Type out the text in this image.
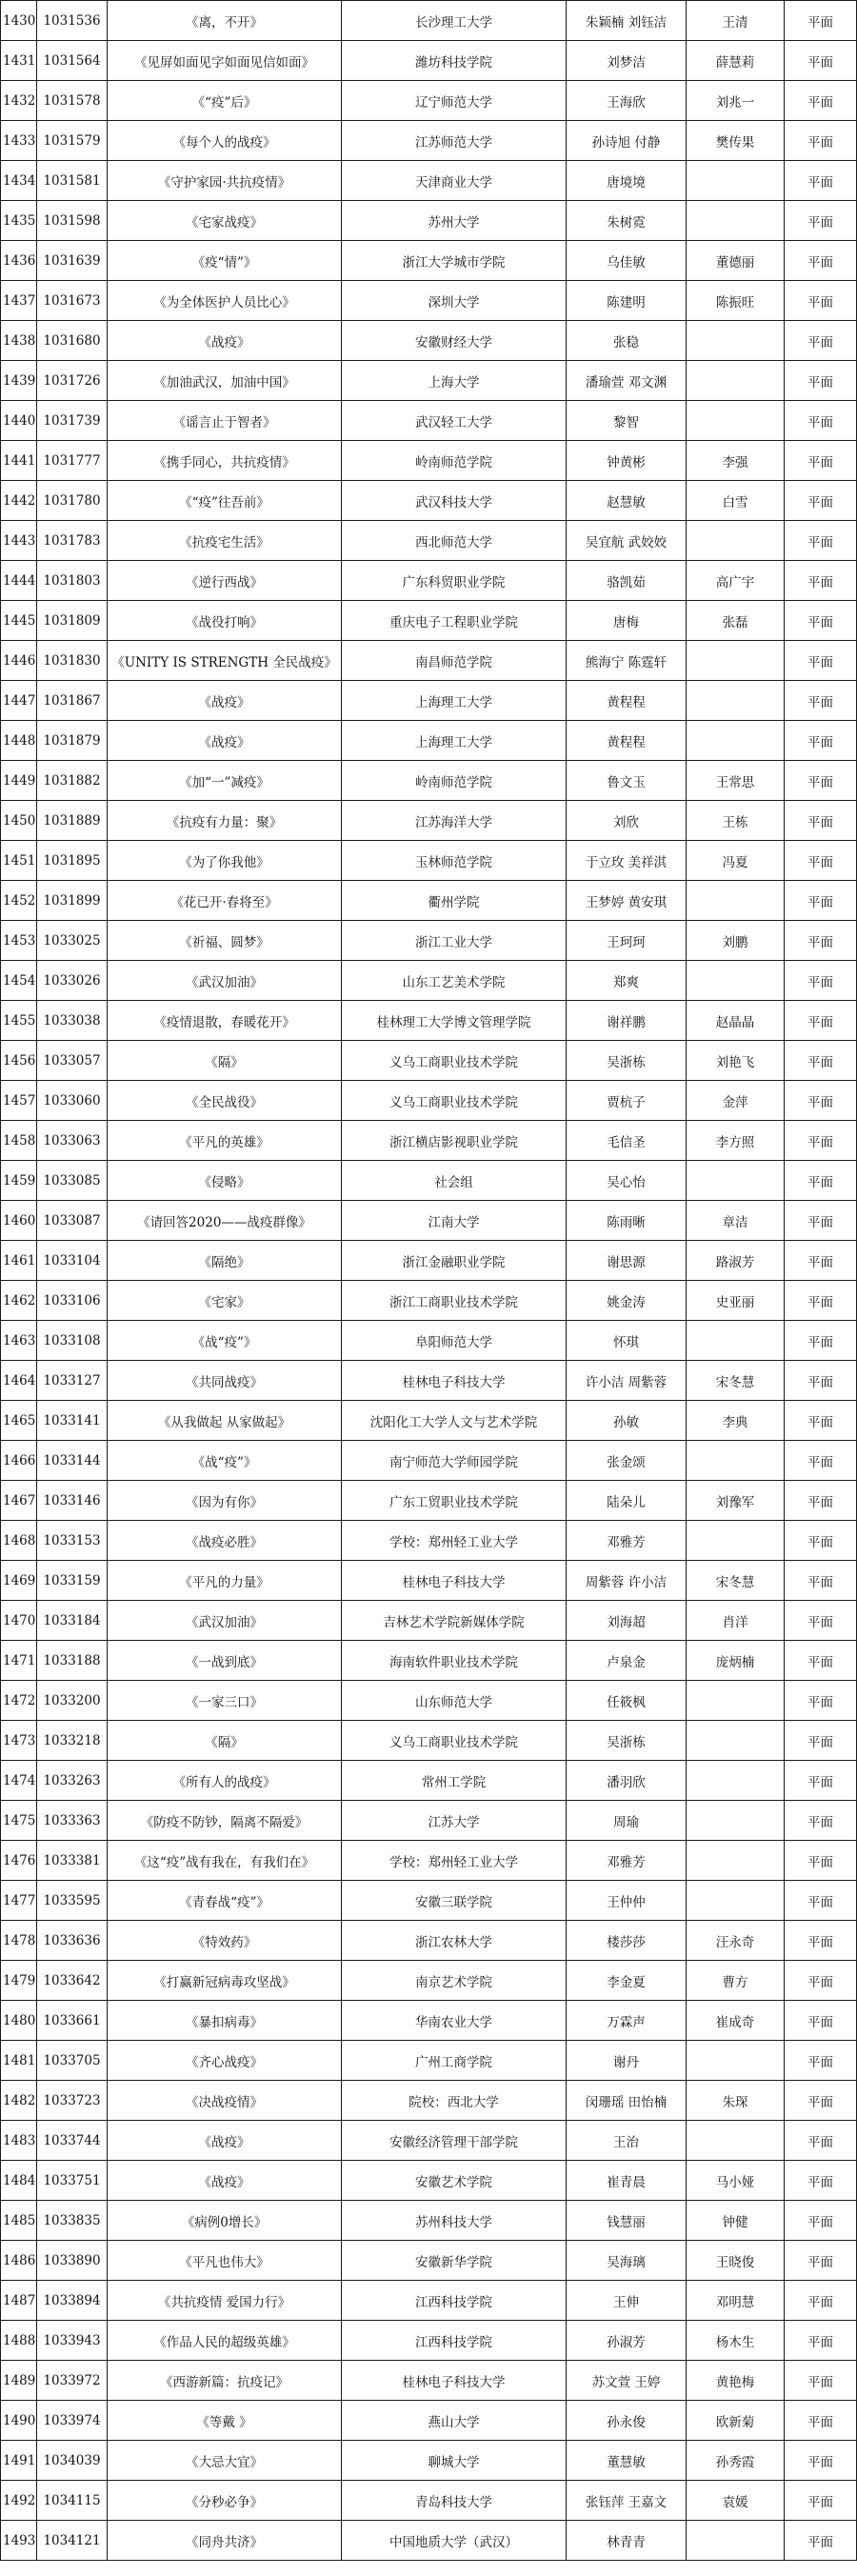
1430	1031536	《离，不开》	长沙理工大学	朱颖楠 刘钰洁	王清	平面
1431	1031564	《见屏如面见字如面见信如面》	潍坊科技学院	刘梦洁	薛慧莉	平面
1432	1031578	《“疫”后》	辽宁师范大学	王海欣	刘兆一	平面
1433	1031579	《每个人的战疫》	江苏师范大学	孙诗旭 付静	樊传果	平面
1434	1031581	《守护家园·共抗疫情》	天津商业大学	唐境境		平面
1435	1031598	《宅家战疫》	苏州大学	朱树霓		平面
1436	1031639	《疫“情”》	浙江大学城市学院	乌佳敏	董德丽	平面
1437	1031673	《为全体医护人员比心》	深圳大学	陈建明	陈振旺	平面
1438	1031680	《战疫》	安徽财经大学	张稳		平面
1439	1031726	《加油武汉，加油中国》	上海大学	潘瑜萱 邓文渊		平面
1440	1031739	《谣言止于智者》	武汉轻工大学	黎智		平面
1441	1031777	《携手同心，共抗疫情》	岭南师范学院	钟黄彬	李强	平面
1442	1031780	《“疫”往吾前》	武汉科技大学	赵慧敏	白雪	平面
1443	1031783	《抗疫宅生活》	西北师范大学	吴宜航 武姣姣		平面
1444	1031803	《逆行西战》	广东科贸职业学院	骆凯茹	高广宇	平面
1445	1031809	《战役打响》	重庆电子工程职业学院	唐梅	张磊	平面
1446	1031830	《UNITY IS STRENGTH 全民战疫》	南昌师范学院	熊海宁 陈霆轩		平面
1447	1031867	《战疫》	上海理工大学	黄程程		平面
1448	1031879	《战疫》	上海理工大学	黄程程		平面
1449	1031882	《加“一”减疫》	岭南师范学院	鲁文玉	王常思	平面
1450	1031889	《抗疫有力量：聚》	江苏海洋大学	刘欣	王栋	平面
1451	1031895	《为了你我他》	玉林师范学院	于立玫 美祥淇	冯夏	平面
1452	1031899	《花已开·春将至》	衢州学院	王梦婷 黄安琪		平面
1453	1033025	《祈福、圆梦》	浙江工业大学	王珂珂	刘鹏	平面
1454	1033026	《武汉加油》	山东工艺美术学院	郑爽		平面
1455	1033038	《疫情退散，春暖花开》	桂林理工大学博文管理学院	谢祥鹏	赵晶晶	平面
1456	1033057	《隔》	义乌工商职业技术学院	吴浙栋	刘艳飞	平面
1457	1033060	《全民战役》	义乌工商职业技术学院	贾杭子	金萍	平面
1458	1033063	《平凡的英雄》	浙江横店影视职业学院	毛信圣	李方照	平面
1459	1033085	《侵略》	社会组	吴心怡		平面
1460	1033087	《请回答2020——战疫群像》	江南大学	陈雨晰	章洁	平面
1461	1033104	《隔绝》	浙江金融职业学院	谢思源	路淑芳	平面
1462	1033106	《宅家》	浙江工商职业技术学院	姚金涛	史亚丽	平面
1463	1033108	《战“疫”》	阜阳师范大学	怀琪		平面
1464	1033127	《共同战疫》	桂林电子科技大学	许小洁 周紫蓉	宋冬慧	平面
1465	1033141	《从我做起 从家做起》	沈阳化工大学人文与艺术学院	孙敏	李典	平面
1466	1033144	《战“疫”》	南宁师范大学师园学院	张金颂		平面
1467	1033146	《因为有你》	广东工贸职业技术学院	陆朵儿	刘豫军	平面
1468	1033153	《战疫必胜》	学校：郑州轻工业大学	邓雅芳		平面
1469	1033159	《平凡的力量》	桂林电子科技大学	周紫蓉 许小洁	宋冬慧	平面
1470	1033184	《武汉加油》	吉林艺术学院新媒体学院	刘海超	肖洋	平面
1471	1033188	《一战到底》	海南软件职业技术学院	卢泉金	庞炳楠	平面
1472	1033200	《一家三口》	山东师范大学	任筱枫		平面
1473	1033218	《隔》	义乌工商职业技术学院	吴浙栋		平面
1474	1033263	《所有人的战疫》	常州工学院	潘羽欣		平面
1475	1033363	《防疫不防钞，隔离不隔爱》	江苏大学	周瑜		平面
1476	1033381	《这“疫”战有我在，有我们在》	学校：郑州轻工业大学	邓雅芳		平面
1477	1033595	《青春战“疫”》	安徽三联学院	王仲仲		平面
1478	1033636	《特效药》	浙江农林大学	楼莎莎	汪永奇	平面
1479	1033642	《打赢新冠病毒攻坚战》	南京艺术学院	李金夏	曹方	平面
1480	1033661	《暴扣病毒》	华南农业大学	万霖声	崔成奇	平面
1481	1033705	《齐心战疫》	广州工商学院	谢丹		平面
1482	1033723	《决战疫情》	院校：西北大学	闵珊瑶 田怡楠	朱琛	平面
1483	1033744	《战疫》	安徽经济管理干部学院	王治		平面
1484	1033751	《战疫》	安徽艺术学院	崔青晨	马小娅	平面
1485	1033835	《病例0增长》	苏州科技大学	钱慧丽	钟健	平面
1486	1033890	《平凡也伟大》	安徽新华学院	吴海璃	王晓俊	平面
1487	1033894	《共抗疫情 爱国力行》	江西科技学院	王伸	邓明慧	平面
1488	1033943	《作品人民的超级英雄》	江西科技学院	孙淑芳	杨木生	平面
1489	1033972	《西游新篇：抗疫记》	桂林电子科技大学	苏文萱 王婷	黄艳梅	平面
1490	1033974	《等戴 》	燕山大学	孙永俊	欧新菊	平面
1491	1034039	《大忌大宜》	聊城大学	董慧敏	孙秀霞	平面
1492	1034115	《分秒必争》	青岛科技大学	张钰萍 王嘉文	袁媛	平面
1493	1034121	《同舟共济》	中国地质大学（武汉）	林青青		平面
